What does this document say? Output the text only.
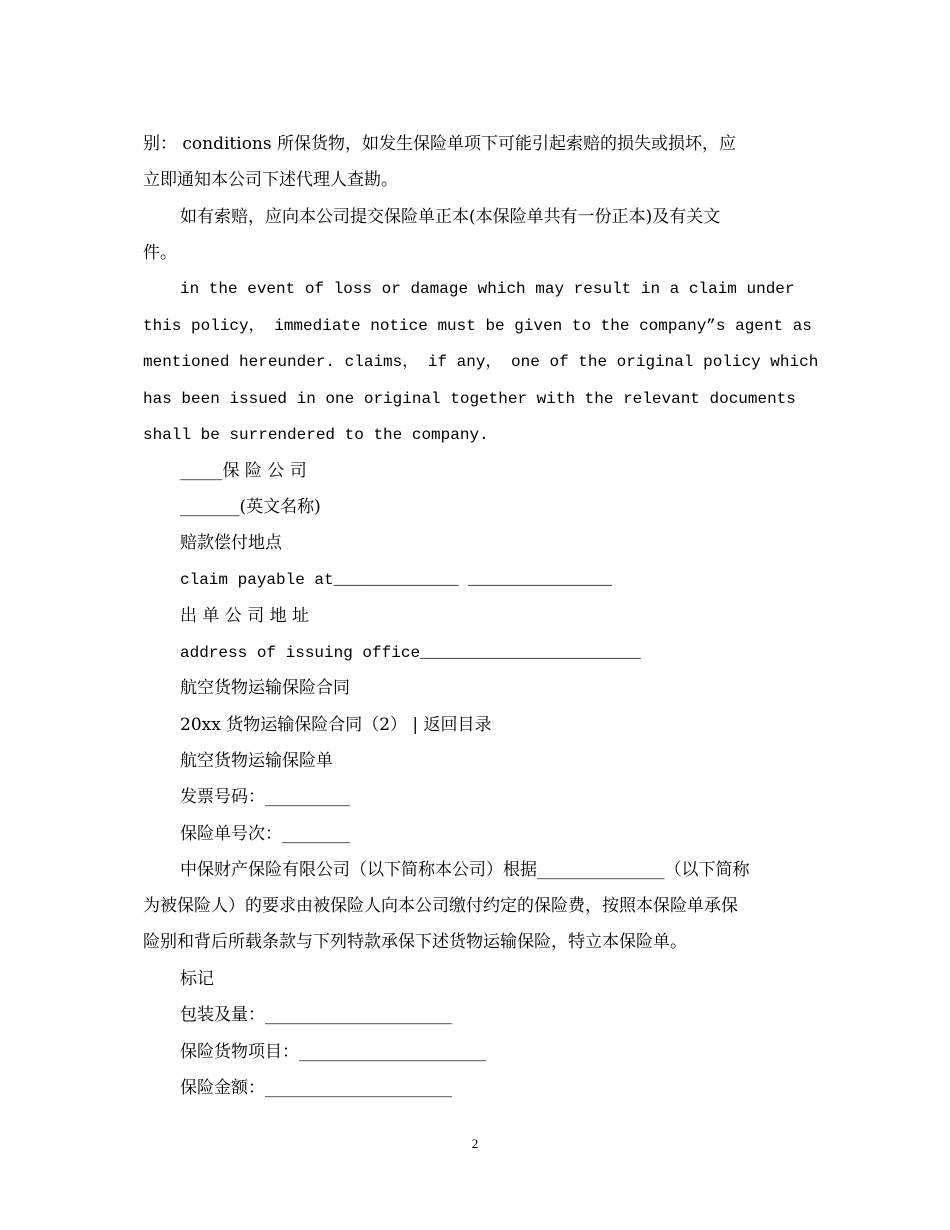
别： conditions 所保货物，如发生保险单项下可能引起索赔的损失或损坏，应
立即通知本公司下述代理人查勘。
如有索赔，应向本公司提交保险单正本(本保险单共有一份正本)及有关文
件。
in the event of loss or damage which may result in a claim under
this policy， immediate notice must be given to the company”s agent as
mentioned hereunder. claims， if any， one of the original policy which
has been issued in one original together with the relevant documents
shall be surrendered to the company.
_____保 险 公 司
_______(英文名称)
赔款偿付地点
claim payable at_____________ _______________
出 单 公 司 地 址
address of issuing office_______________________
航空货物运输保险合同
20xx 货物运输保险合同（2） | 返回目录
航空货物运输保险单
发票号码：__________
保险单号次：________
中保财产保险有限公司（以下简称本公司）根据_______________（以下简称
为被保险人）的要求由被保险人向本公司缴付约定的保险费，按照本保险单承保
险别和背后所载条款与下列特款承保下述货物运输保险，特立本保险单。
标记
包装及量：______________________
保险货物项目：______________________
保险金额：______________________
2
